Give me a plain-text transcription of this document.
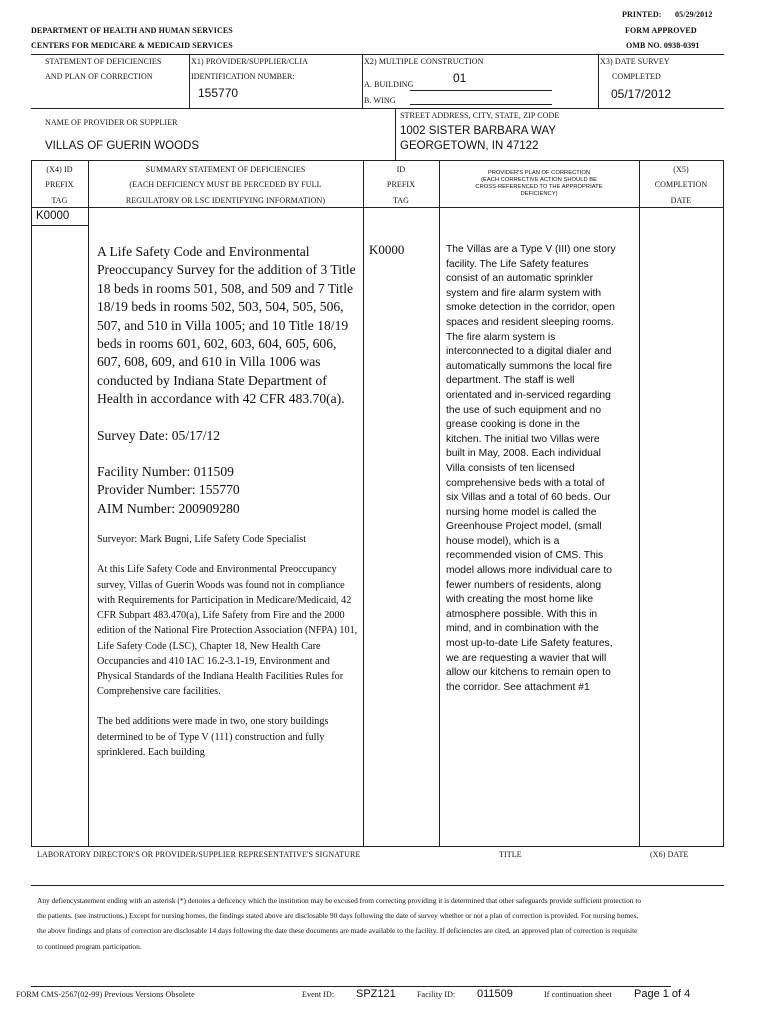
PRINTED: 05/29/2012
FORM APPROVED
OMB NO. 0938-0391
DEPARTMENT OF HEALTH AND HUMAN SERVICES
CENTERS FOR MEDICARE & MEDICAID SERVICES
STATEMENT OF DEFICIENCIES
AND PLAN OF CORRECTION
X1) PROVIDER/SUPPLIER/CLIA
IDENTIFICATION NUMBER:
155770
X2) MULTIPLE CONSTRUCTION
A. BUILDING	01
B. WING
X3) DATE SURVEY
COMPLETED
05/17/2012
NAME OF PROVIDER OR SUPPLIER
VILLAS OF GUERIN WOODS
STREET ADDRESS, CITY, STATE, ZIP CODE
1002 SISTER BARBARA WAY
GEORGETOWN, IN 47122
(X4) ID
PREFIX
TAG
SUMMARY STATEMENT OF DEFICIENCIES
(EACH DEFICIENCY MUST BE PERCEDED BY FULL
REGULATORY OR LSC IDENTIFYING INFORMATION)
ID
PREFIX
TAG
PROVIDER'S PLAN OF CORRECTION
(EACH CORRECTIVE ACTION SHOULD BE
CROSS-REFERENCED TO THE APPROPRIATE
DEFICIENCY)
(X5)
COMPLETION
DATE
K0000
A Life Safety Code and Environmental Preoccupancy Survey for the addition of 3 Title 18 beds in rooms 501, 508, and 509 and 7 Title 18/19 beds in rooms 502, 503, 504, 505, 506, 507, and 510 in Villa 1005; and 10 Title 18/19 beds in rooms 601, 602, 603, 604, 605, 606, 607, 608, 609, and 610 in Villa 1006 was conducted by Indiana State Department of Health in accordance with 42 CFR 483.70(a).
Survey Date: 05/17/12
Facility Number: 011509
Provider Number: 155770
AIM Number: 200909280
Surveyor: Mark Bugni, Life Safety Code Specialist
At this Life Safety Code and Environmental Preoccupancy survey, Villas of Guerin Woods was found not in compliance with Requirements for Participation in Medicare/Medicaid, 42 CFR Subpart 483.470(a), Life Safety from Fire and the 2000 edition of the National Fire Protection Association (NFPA) 101, Life Safety Code (LSC), Chapter 18, New Health Care Occupancies and 410 IAC 16.2-3.1-19, Environment and Physical Standards of the Indiana Health Facilities Rules for Comprehensive care facilities.
The bed additions were made in two, one story buildings determined to be of Type V (111) construction and fully sprinklered. Each building
K0000	The Villas are a Type V (III) one story facility. The Life Safety features consist of an automatic sprinkler system and fire alarm system with smoke detection in the corridor, open spaces and resident sleeping rooms. The fire alarm system is interconnected to a digital dialer and automatically summons the local fire department. The staff is well orientated and in-serviced regarding the use of such equipment and no grease cooking is done in the kitchen. The initial two Villas were built in May, 2008. Each individual Villa consists of ten licensed comprehensive beds with a total of six Villas and a total of 60 beds. Our nursing home model is called the Greenhouse Project model, (small house model), which is a recommended vision of CMS. This model allows more individual care to fewer numbers of residents, along with creating the most home like atmosphere possible. With this in mind, and in combination with the most up-to-date Life Safety features, we are requesting a wavier that will allow our kitchens to remain open to the corridor. See attachment #1
LABORATORY DIRECTOR'S OR PROVIDER/SUPPLIER REPRESENTATIVE'S SIGNATURE	TITLE	(X6) DATE
Any defiencystatement ending with an asterisk (*) denotes a deficency which the institution may be excused from correcting providing it is determined that other safeguards provide sufficient protection to the patients. (see instructions.) Except for nursing homes, the findings stated above are disclosable 90 days following the date of survey whether or not a plan of correction is provided. For nursing homes, the above findings and plans of correction are disclosable 14 days following the date these documents are made available to the facility. If deficiencies are cited, an approved plan of correction is requisite to continued program participation.
FORM CMS-2567(02-99) Previous Versions Obsolete	Event ID: SPZ121	Facility ID: 011509	If continuation sheet Page 1 of 4
